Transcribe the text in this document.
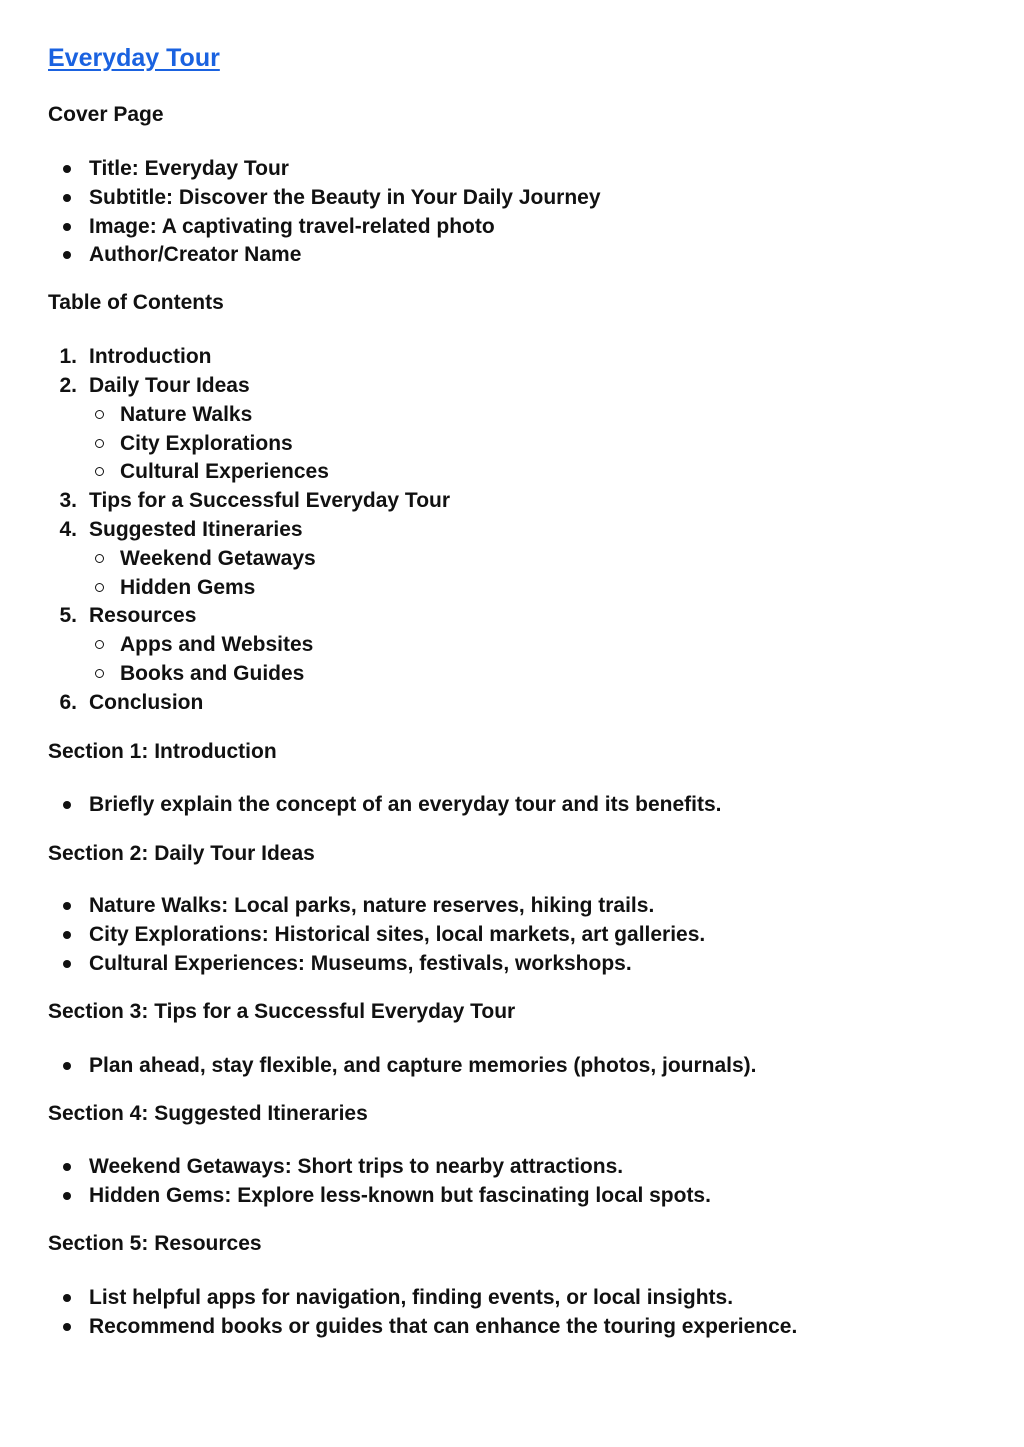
Everyday Tour
Cover Page
Title: Everyday Tour
Subtitle: Discover the Beauty in Your Daily Journey
Image: A captivating travel-related photo
Author/Creator Name
Table of Contents
1. Introduction
2. Daily Tour Ideas
Nature Walks
City Explorations
Cultural Experiences
3. Tips for a Successful Everyday Tour
4. Suggested Itineraries
Weekend Getaways
Hidden Gems
5. Resources
Apps and Websites
Books and Guides
6. Conclusion
Section 1: Introduction
Briefly explain the concept of an everyday tour and its benefits.
Section 2: Daily Tour Ideas
Nature Walks: Local parks, nature reserves, hiking trails.
City Explorations: Historical sites, local markets, art galleries.
Cultural Experiences: Museums, festivals, workshops.
Section 3: Tips for a Successful Everyday Tour
Plan ahead, stay flexible, and capture memories (photos, journals).
Section 4: Suggested Itineraries
Weekend Getaways: Short trips to nearby attractions.
Hidden Gems: Explore less-known but fascinating local spots.
Section 5: Resources
List helpful apps for navigation, finding events, or local insights.
Recommend books or guides that can enhance the touring experience.
